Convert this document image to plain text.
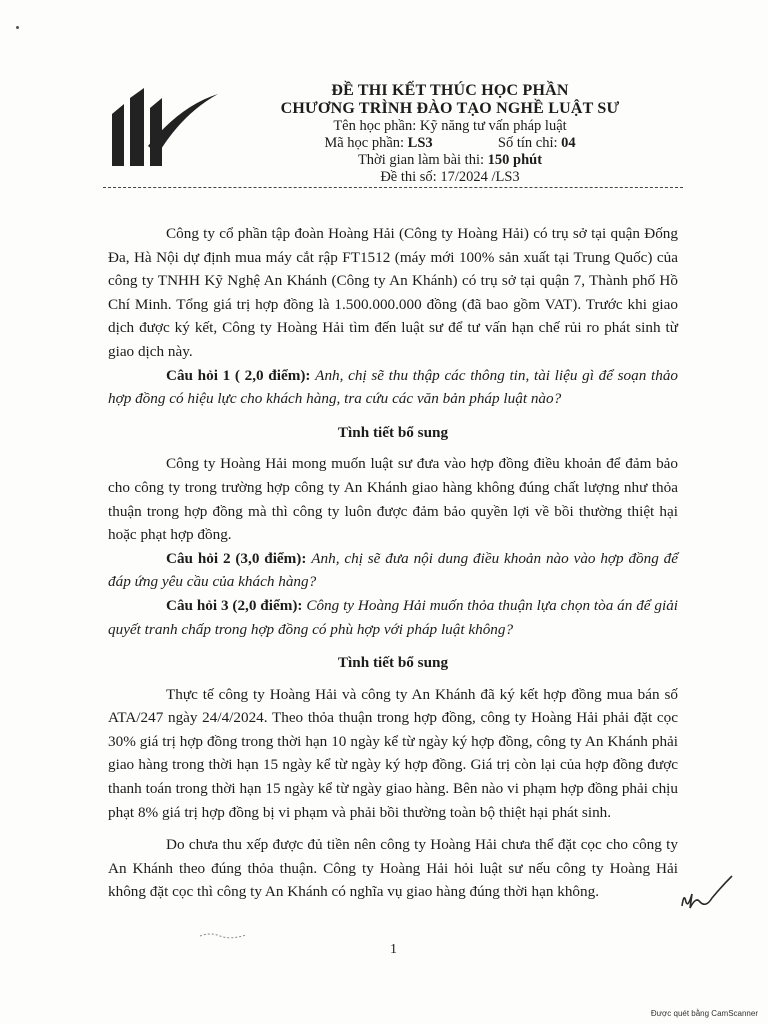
ĐỀ THI KẾT THÚC HỌC PHẦN
CHƯƠNG TRÌNH ĐÀO TẠO NGHỀ LUẬT SƯ
Tên học phần: Kỹ năng tư vấn pháp luật
Mã học phần: LS3	Số tín chỉ: 04
Thời gian làm bài thi: 150 phút
Đề thi số: 17/2024 /LS3

Công ty cổ phần tập đoàn Hoàng Hải (Công ty Hoàng Hải) có trụ sở tại quận Đống Đa, Hà Nội dự định mua máy cắt rập FT1512 (máy mới 100% sản xuất tại Trung Quốc) của công ty TNHH Kỹ Nghệ An Khánh (Công ty An Khánh) có trụ sở tại quận 7, Thành phố Hồ Chí Minh. Tổng giá trị hợp đồng là 1.500.000.000 đồng (đã bao gồm VAT). Trước khi giao dịch được ký kết, Công ty Hoàng Hải tìm đến luật sư để tư vấn hạn chế rủi ro phát sinh từ giao dịch này.

Câu hỏi 1 ( 2,0 điểm): Anh, chị sẽ thu thập các thông tin, tài liệu gì để soạn thảo hợp đồng có hiệu lực cho khách hàng, tra cứu các văn bản pháp luật nào?

Tình tiết bổ sung

Công ty Hoàng Hải mong muốn luật sư đưa vào hợp đồng điều khoản để đảm bảo cho công ty trong trường hợp công ty An Khánh giao hàng không đúng chất lượng như thỏa thuận trong hợp đồng mà thì công ty luôn được đảm bảo quyền lợi về bồi thường thiệt hại hoặc phạt hợp đồng.

Câu hỏi 2 (3,0 điểm): Anh, chị sẽ đưa nội dung điều khoản nào vào hợp đồng để đáp ứng yêu cầu của khách hàng?

Câu hỏi 3 (2,0 điểm): Công ty Hoàng Hải muốn thỏa thuận lựa chọn tòa án để giải quyết tranh chấp trong hợp đồng có phù hợp với pháp luật không?

Tình tiết bổ sung

Thực tế công ty Hoàng Hải và công ty An Khánh đã ký kết hợp đồng mua bán số ATA/247 ngày 24/4/2024. Theo thỏa thuận trong hợp đồng, công ty Hoàng Hải phải đặt cọc 30% giá trị hợp đồng trong thời hạn 10 ngày kể từ ngày ký hợp đồng, công ty An Khánh phải giao hàng trong thời hạn 15 ngày kể từ ngày ký hợp đồng. Giá trị còn lại của hợp đồng được thanh toán trong thời hạn 15 ngày kể từ ngày giao hàng. Bên nào vi phạm hợp đồng phải chịu phạt 8% giá trị hợp đồng bị vi phạm và phải bồi thường toàn bộ thiệt hại phát sinh.

Do chưa thu xếp được đủ tiền nên công ty Hoàng Hải chưa thể đặt cọc cho công ty An Khánh theo đúng thỏa thuận. Công ty Hoàng Hải hỏi luật sư nếu công ty Hoàng Hải không đặt cọc thì công ty An Khánh có nghĩa vụ giao hàng đúng thời hạn không.

1
Được quét bằng CamScanner
